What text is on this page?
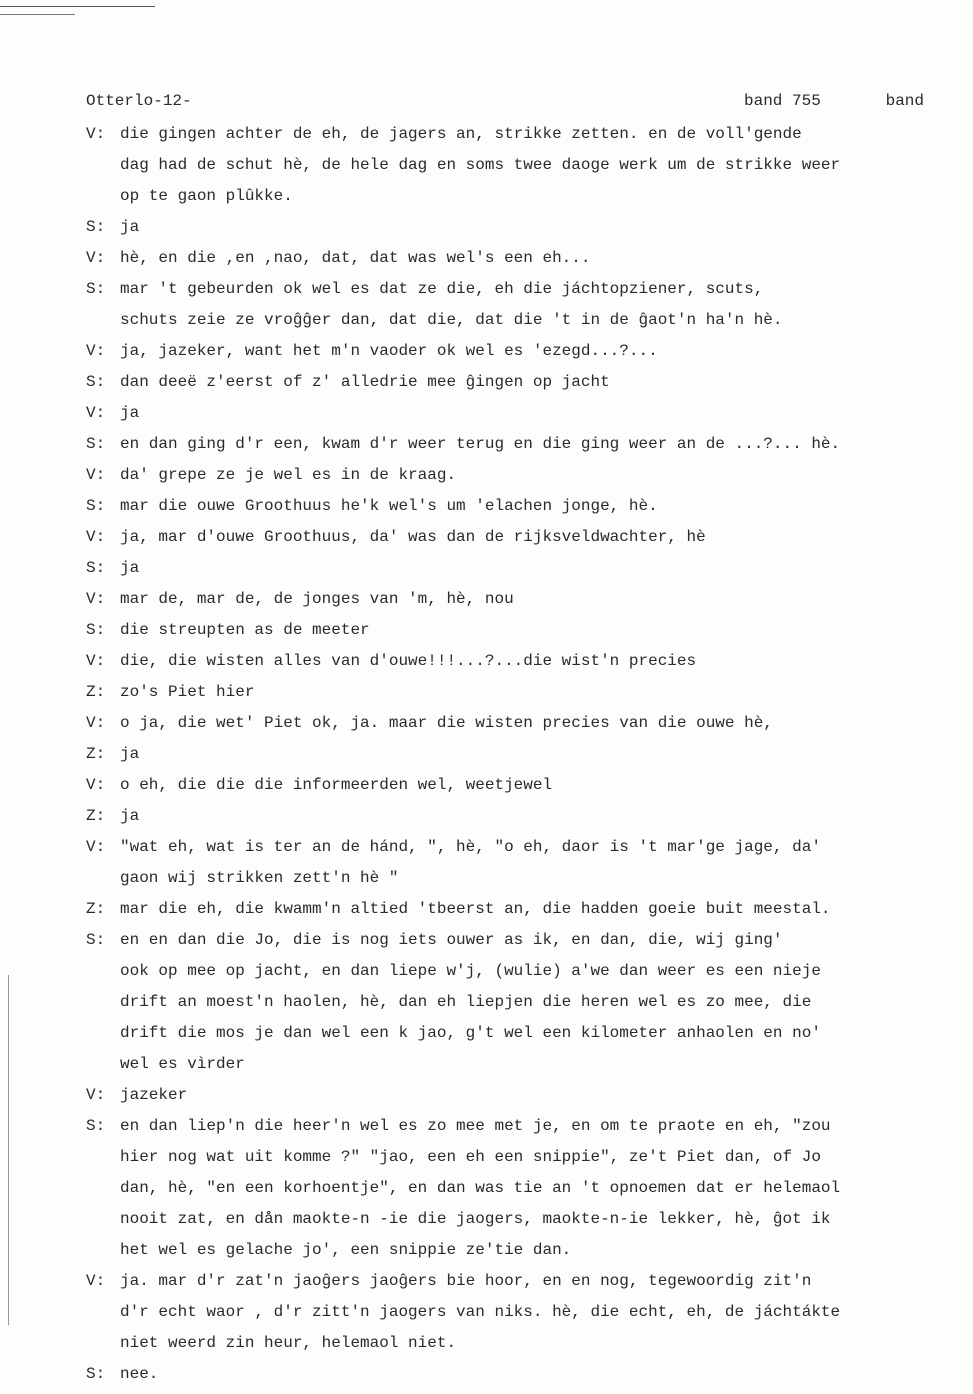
Otterlo-12-	band 755	band
V: die gingen achter de eh, de jagers an, strikke zetten. en de voll'gende
dag had de schut hè, de hele dag en soms twee daoge werk um de strikke weer
op te gaon plûkke.
S: ja
V: hè, en die ,en ,nao, dat, dat was wel's een eh...
S: mar 't gebeurden ok wel es dat ze die, eh die jáchtopziener, scuts,
schuts zeie ze vroĝĝer dan, dat die, dat die 't in de ĝaot'n ha'n hè.
V: ja, jazeker, want het m'n vaoder ok wel es 'ezegd...?...
S: dan deeë z'eerst of z' alledrie mee ĝingen op jacht
V: ja
S: en dan ging d'r een, kwam d'r weer terug en die ging weer an de ...?... hè.
V: da' grepe ze je wel es in de kraag.
S: mar die ouwe Groothuus he'k wel's um 'elachen jonge, hè.
V: ja, mar d'ouwe Groothuus, da' was dan de rijksveldwachter, hè
S: ja
V: mar de, mar de, de jonges van 'm, hè, nou
S: die streupten as de meeter
V: die, die wisten alles van d'ouwe!!!...?...die wist'n precies
Z: zo's Piet hier
V: o ja, die wet' Piet ok, ja. maar die wisten precies van die ouwe hè,
Z: ja
V: o eh, die die die informeerden wel, weetjewel
Z: ja
V: "wat eh, wat is ter an de hánd, ", hè, "o eh, daor is 't mar'ge jage, da'
gaon wij strikken zett'n hè "
Z: mar die eh, die kwamm'n altied 'tbeerst an, die hadden goeie buit meestal.
S: en en dan die Jo, die is nog iets ouwer as ik, en dan, die, wij ging'
ook op mee op jacht, en dan liepe w'j, (wulie) a'we dan weer es een nieje
drift an moest'n haolen, hè, dan eh liepjen die heren wel es zo mee, die
drift die mos je dan wel een k jao, g't wel een kilometer anhaolen en no'
wel es vìrder
V: jazeker
S: en dan liep'n die heer'n wel es zo mee met je, en om te praote en eh, "zou
hier nog wat uit komme ?" "jao, een eh een snippie", ze't Piet dan, of Jo
dan, hè, "en een korhoentje", en dan was tie an 't opnoemen dat er helemaol
nooit zat, en dån maokte-n -ie die jaogers, maokte-n-ie lekker, hè, ĝot ik
het wel es gelache jo', een snippie ze'tie dan.
V: ja. mar d'r zat'n jaoĝers jaoĝers bie hoor, en en nog, tegewoordig zit'n
d'r echt waor , d'r zitt'n jaogers van niks. hè, die echt, eh, de jáchtákte
niet weerd zin heur, helemaol niet.
S: nee.
